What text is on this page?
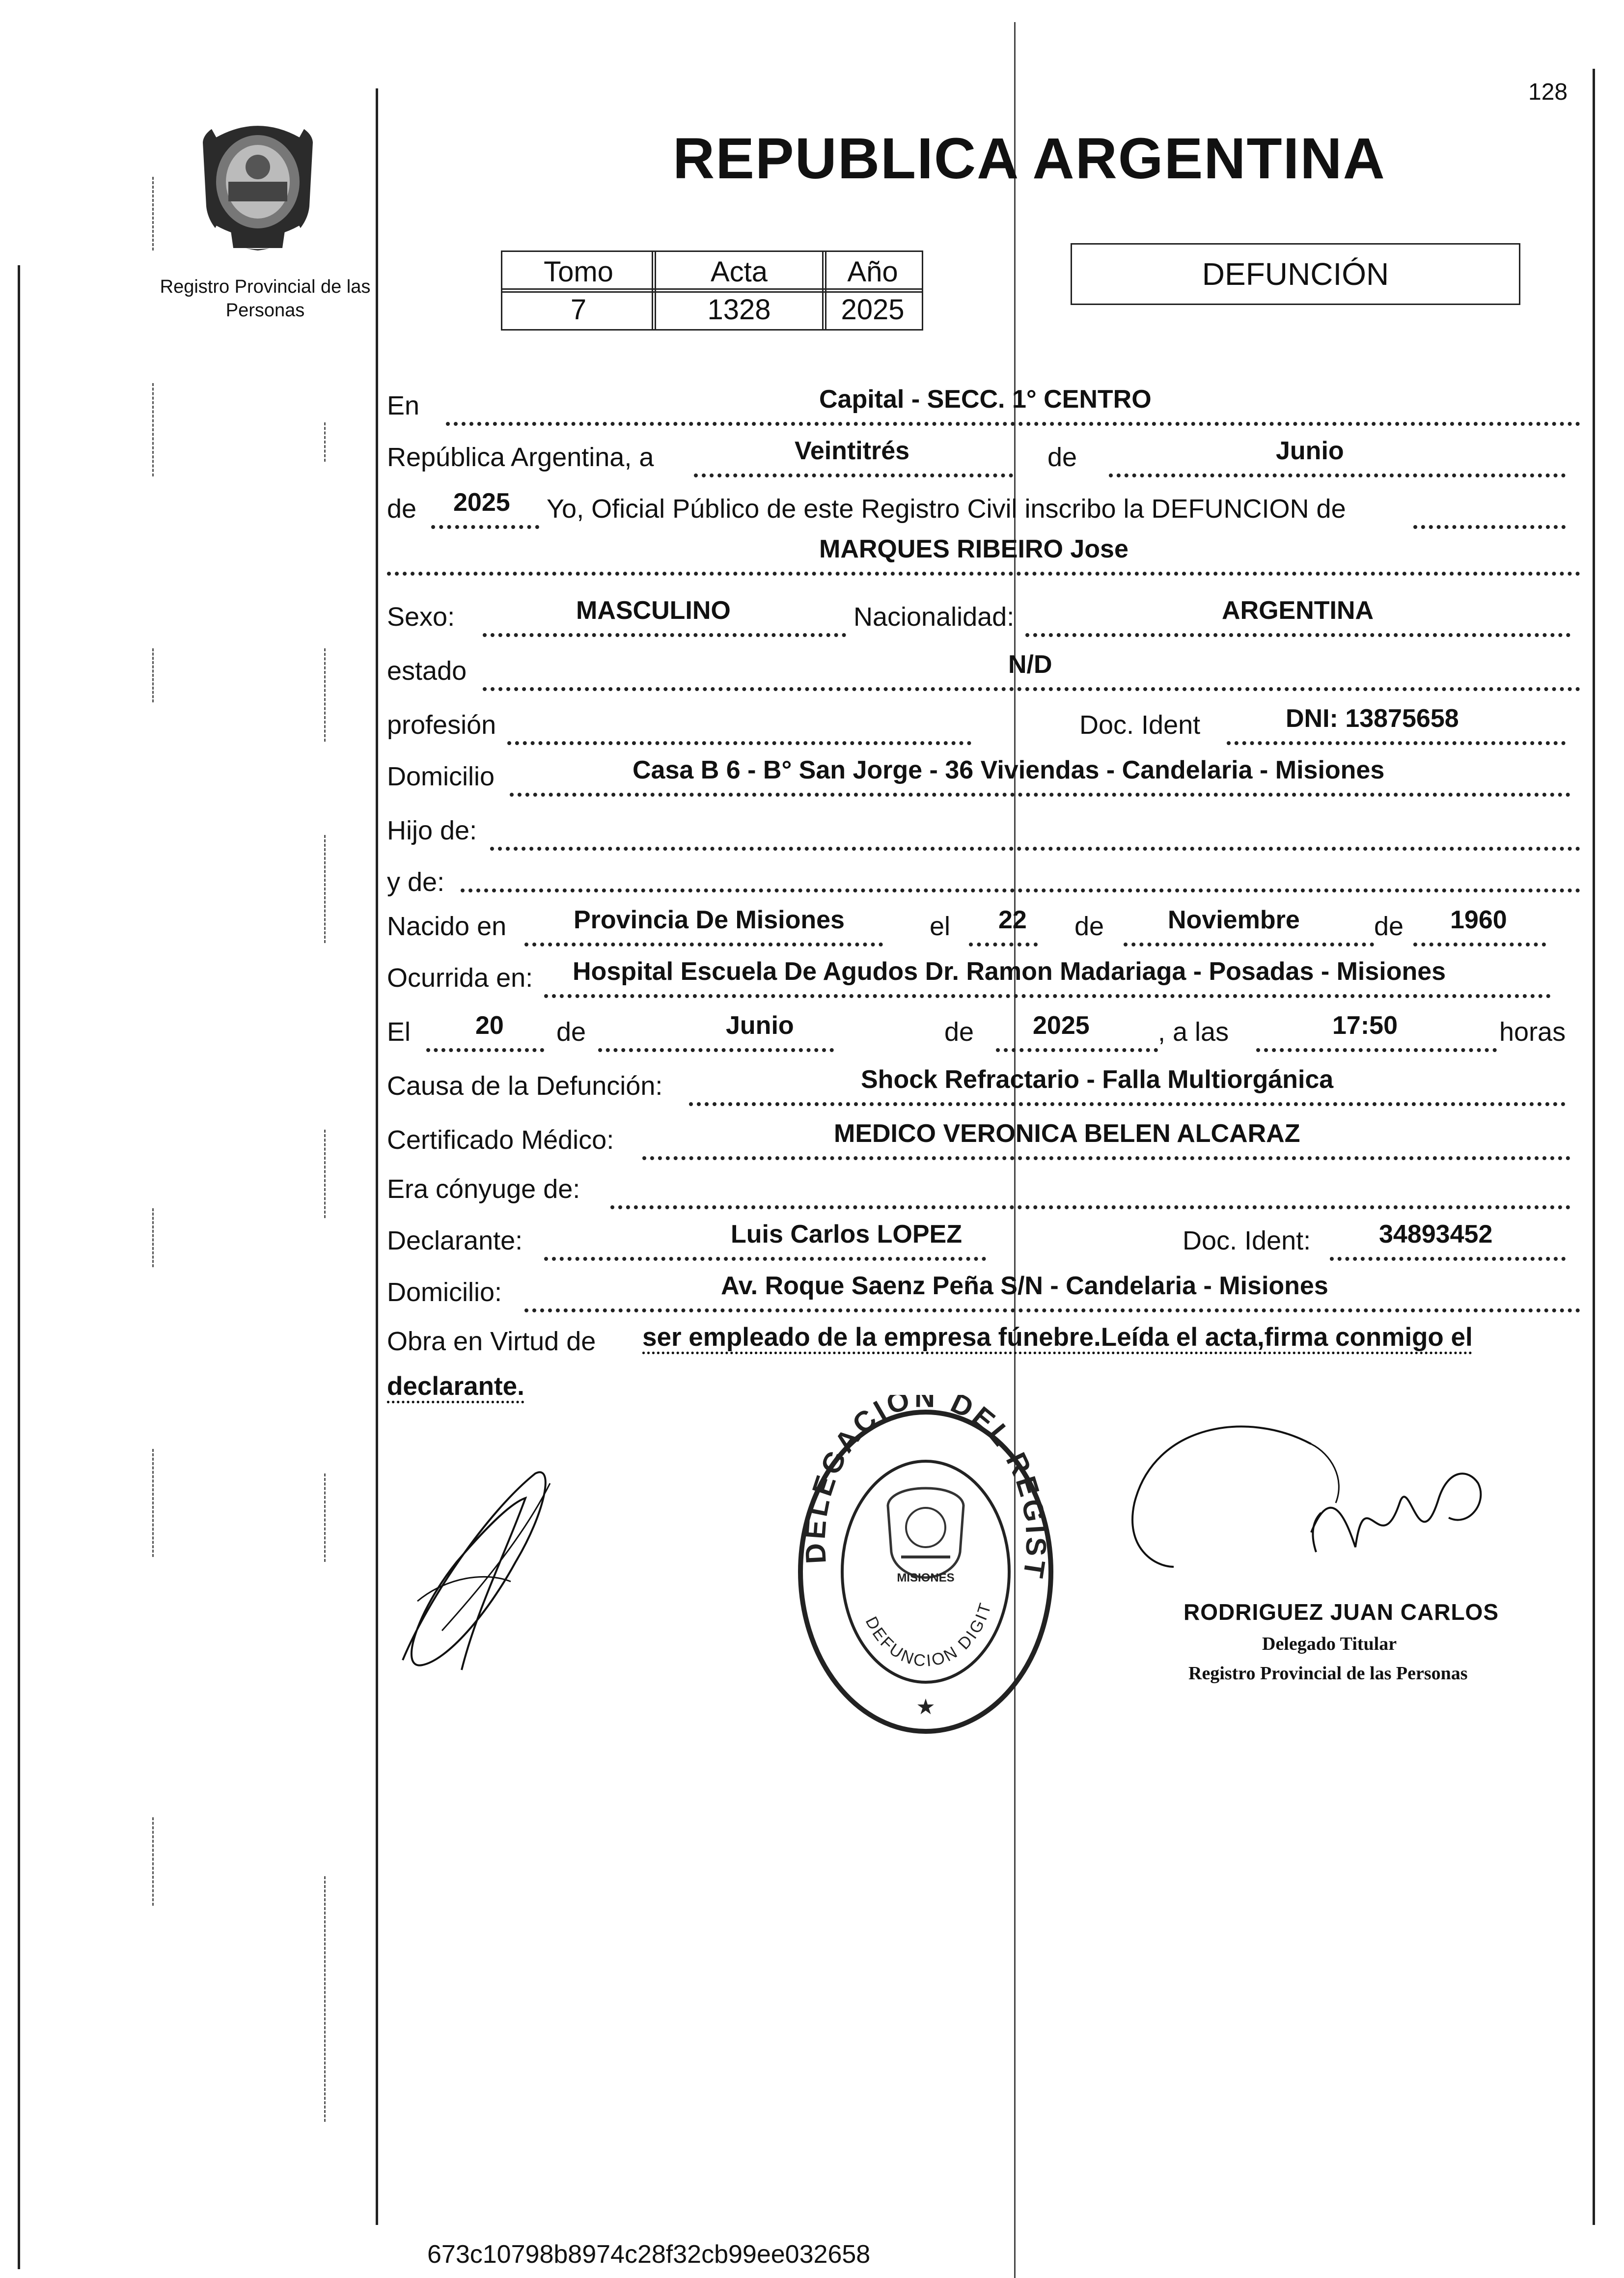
128
Registro Provincial de las Personas
REPUBLICA ARGENTINA
Tomo	Acta	Año
7	1328	2025
DEFUNCIÓN
En	Capital - SECC. 1° CENTRO
República Argentina, a	Veintitrés	de	Junio
de 2025 Yo, Oficial Público de este Registro Civil inscribo la DEFUNCION de
MARQUES RIBEIRO Jose
Sexo:	MASCULINO	Nacionalidad:	ARGENTINA
estado	N/D
profesión	Doc. Ident	DNI: 13875658
Domicilio	Casa B 6 - B° San Jorge - 36 Viviendas - Candelaria - Misiones
Hijo de:
y de:
Nacido en	Provincia De Misiones	el 22 de Noviembre	de 1960
Ocurrida en: Hospital Escuela De Agudos Dr. Ramon Madariaga - Posadas - Misiones
El	20 de	Junio	de 2025	, a las	17:50	horas
Causa de la Defunción:	Shock Refractario - Falla Multiorgánica
Certificado Médico:	MEDICO VERONICA BELEN ALCARAZ
Era cónyuge de:
Declarante:	Luis Carlos LOPEZ	Doc. Ident:	34893452
Domicilio:	Av. Roque Saenz Peña S/N - Candelaria - Misiones
Obra en Virtud de ser empleado de la empresa fúnebre.Leída el acta,firma conmigo el
declarante.
DELEGACIÓN DEL REGIST
DEFUNCION DIGIT
MISIONES
★
RODRIGUEZ JUAN CARLOS
Delegado Titular
Registro Provincial de las Personas
673c10798b8974c28f32cb99ee032658
